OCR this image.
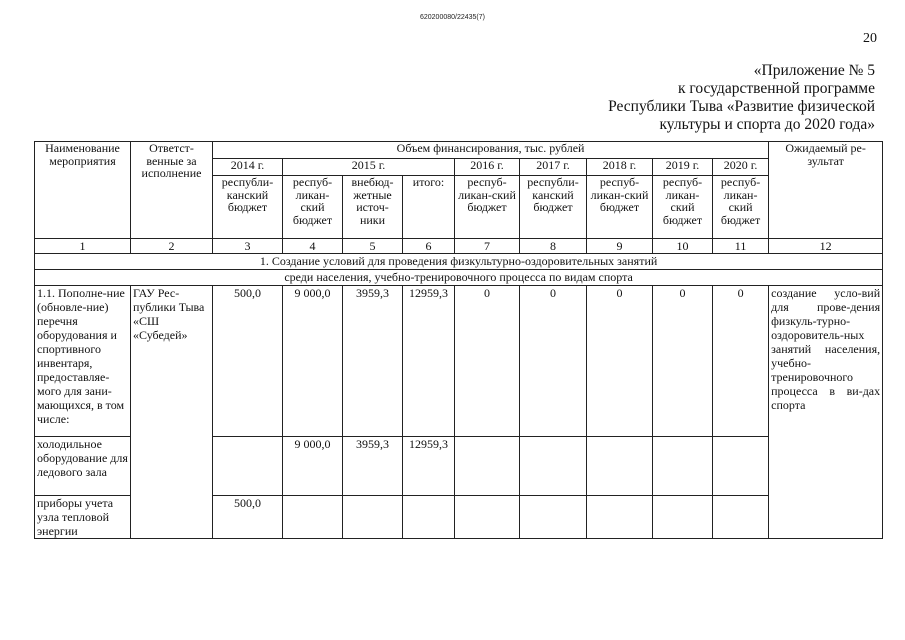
620200080/22435(7)
20
«Приложение № 5
к государственной программе
Республики Тыва «Развитие физической
культуры и спорта до 2020 года»
Наименование мероприятия	Ответст-венные за исполнение	Объем финансирования, тыс. рублей									Ожидаемый ре-зультат
		2014 г.	2015 г.			2016 г.	2017 г.	2018 г.	2019 г.	2020 г.	
		республи-канский бюджет	респуб-ликан-ский бюджет	внебюд-жетные источ-ники	итого:	респуб-ликан-ский бюджет	республи-канский бюджет	респуб-ликан-ский бюджет	респуб-ликан-ский бюджет	респуб-ликан-ский бюджет	
1	2	3	4	5	6	7	8	9	10	11	12
1. Создание условий для проведения физкультурно-оздоровительных занятий											
среди населения, учебно-тренировочного процесса по видам спорта											
1.1. Пополне-ние (обновле-ние) перечня оборудования и спортивного инвентаря, предоставляе-мого для зани-мающихся, в том числе:	ГАУ Рес-публики Тыва «СШ «Субедей»	500,0	9 000,0	3959,3	12959,3	0	0	0	0	0	создание усло-вий для прове-дения физкуль-турно-оздоровитель-ных занятий населения, учебно-тренировочного процесса в ви-дах спорта
холодильное оборудование для ледового зала			9 000,0	3959,3	12959,3						
приборы учета узла тепловой энергии		500,0									
